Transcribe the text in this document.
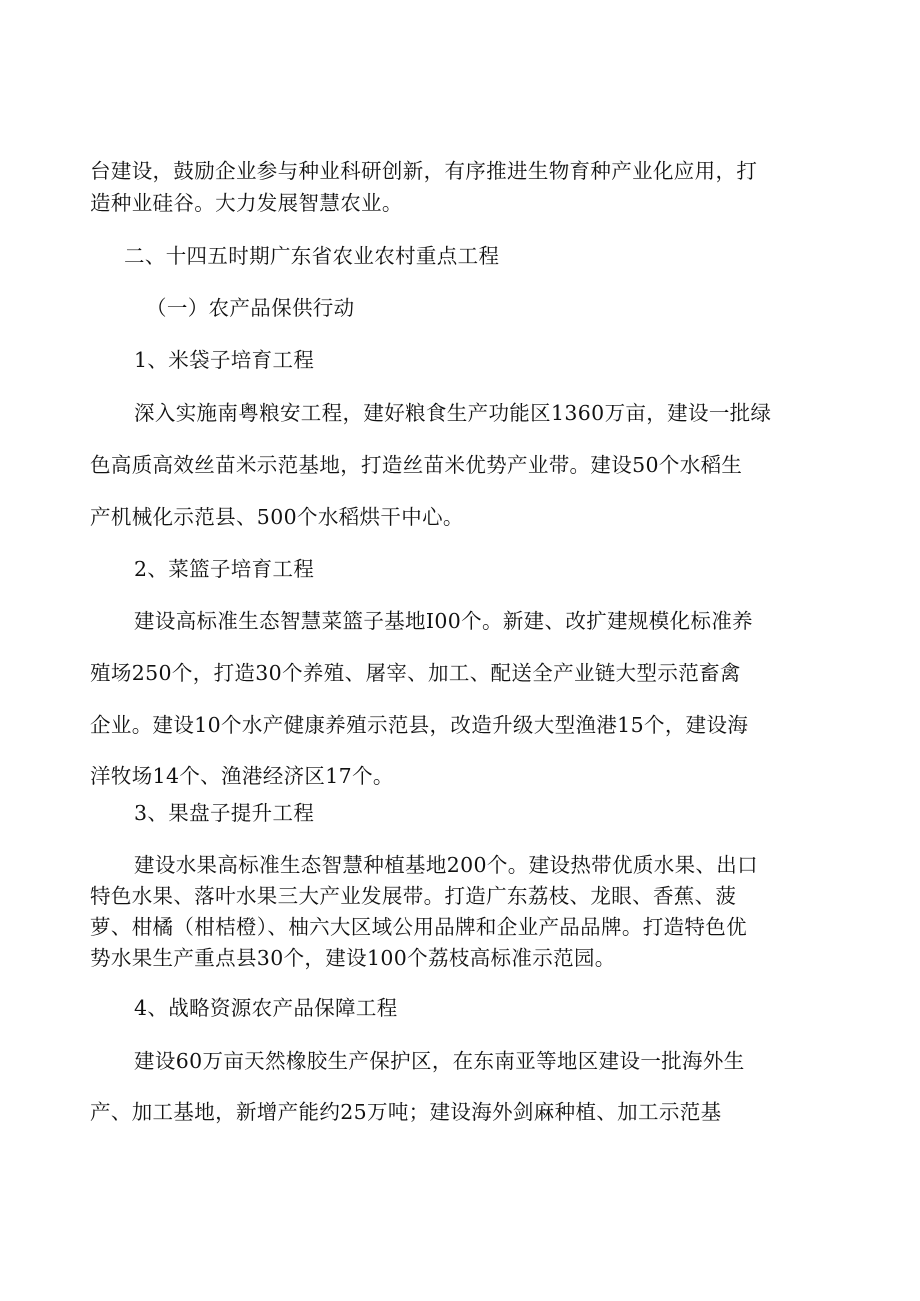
台建设，鼓励企业参与种业科研创新，有序推进生物育种产业化应用，打
造种业硅谷。大力发展智慧农业。
二、十四五时期广东省农业农村重点工程
（一）农产品保供行动
1、米袋子培育工程
深入实施南粤粮安工程，建好粮食生产功能区1360万亩，建设一批绿
色高质高效丝苗米示范基地，打造丝苗米优势产业带。建设50个水稻生
产机械化示范县、500个水稻烘干中心。
2、菜篮子培育工程
建设高标准生态智慧菜篮子基地I00个。新建、改扩建规模化标准养
殖场250个，打造30个养殖、屠宰、加工、配送全产业链大型示范畜禽
企业。建设10个水产健康养殖示范县，改造升级大型渔港15个，建设海
洋牧场14个、渔港经济区17个。
3、果盘子提升工程
建设水果高标准生态智慧种植基地200个。建设热带优质水果、出口
特色水果、落叶水果三大产业发展带。打造广东荔枝、龙眼、香蕉、菠
萝、柑橘（柑桔橙）、柚六大区域公用品牌和企业产品品牌。打造特色优
势水果生产重点县30个，建设100个荔枝高标准示范园。
4、战略资源农产品保障工程
建设60万亩天然橡胶生产保护区，在东南亚等地区建设一批海外生
产、加工基地，新增产能约25万吨；建设海外剑麻种植、加工示范基
